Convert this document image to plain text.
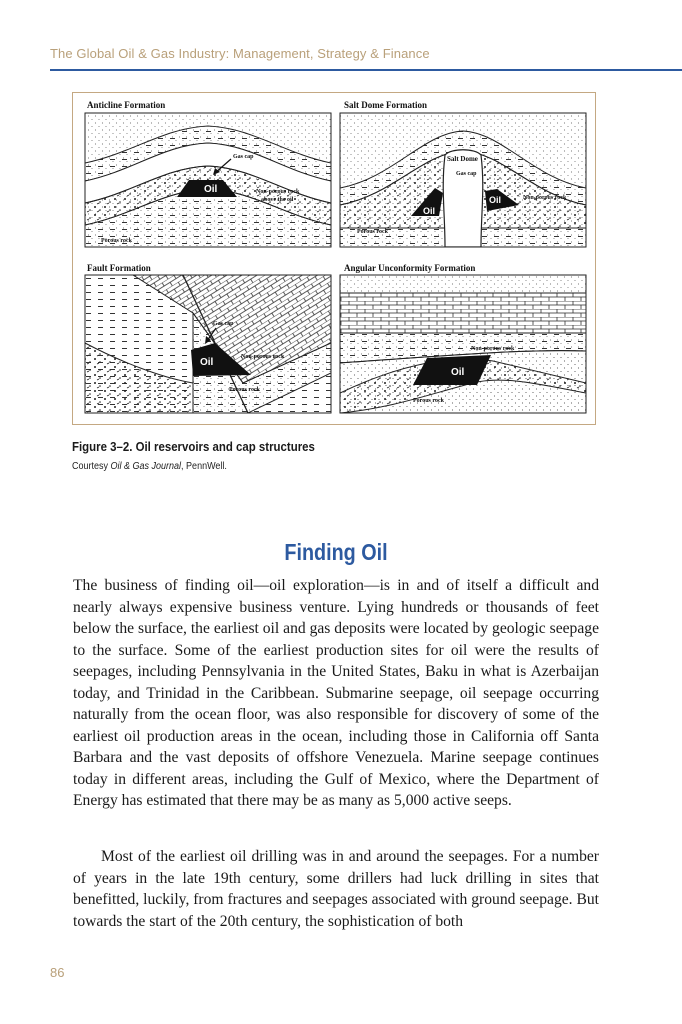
The Global Oil & Gas Industry: Management, Strategy & Finance
Anticline Formation
Oil
Gas cap
Non-porous rock
above the oil
Porous rock
Salt Dome Formation
Salt Dome
Gas cap
Oil
Oil	Non-porous rock
Porous rock
Fault Formation
Gas cap
Oil	Non-porous rock
Porous rock
Angular Unconformity Formation
Non-porous rock
Oil
Porous rock
Figure 3–2. Oil reservoirs and cap structures
Courtesy Oil & Gas Journal, PennWell.
Finding Oil

The business of finding oil—oil exploration—is in and of itself a difficult and nearly always expensive business venture. Lying hundreds or thousands of feet below the surface, the earliest oil and gas deposits were located by geologic seepage to the surface. Some of the earliest production sites for oil were the results of seepages, including Pennsylvania in the United States, Baku in what is Azerbaijan today, and Trinidad in the Caribbean. Submarine seepage, oil seepage occurring naturally from the ocean floor, was also responsible for discovery of some of the earliest oil production areas in the ocean, including those in California off Santa Barbara and the vast deposits of offshore Venezuela. Marine seepage continues today in different areas, including the Gulf of Mexico, where the Department of Energy has estimated that there may be as many as 5,000 active seeps.

Most of the earliest oil drilling was in and around the seepages. For a number of years in the late 19th century, some drillers had luck drilling in sites that benefitted, luckily, from fractures and seepages associated with ground seepage. But towards the start of the 20th century, the sophistication of both

86
